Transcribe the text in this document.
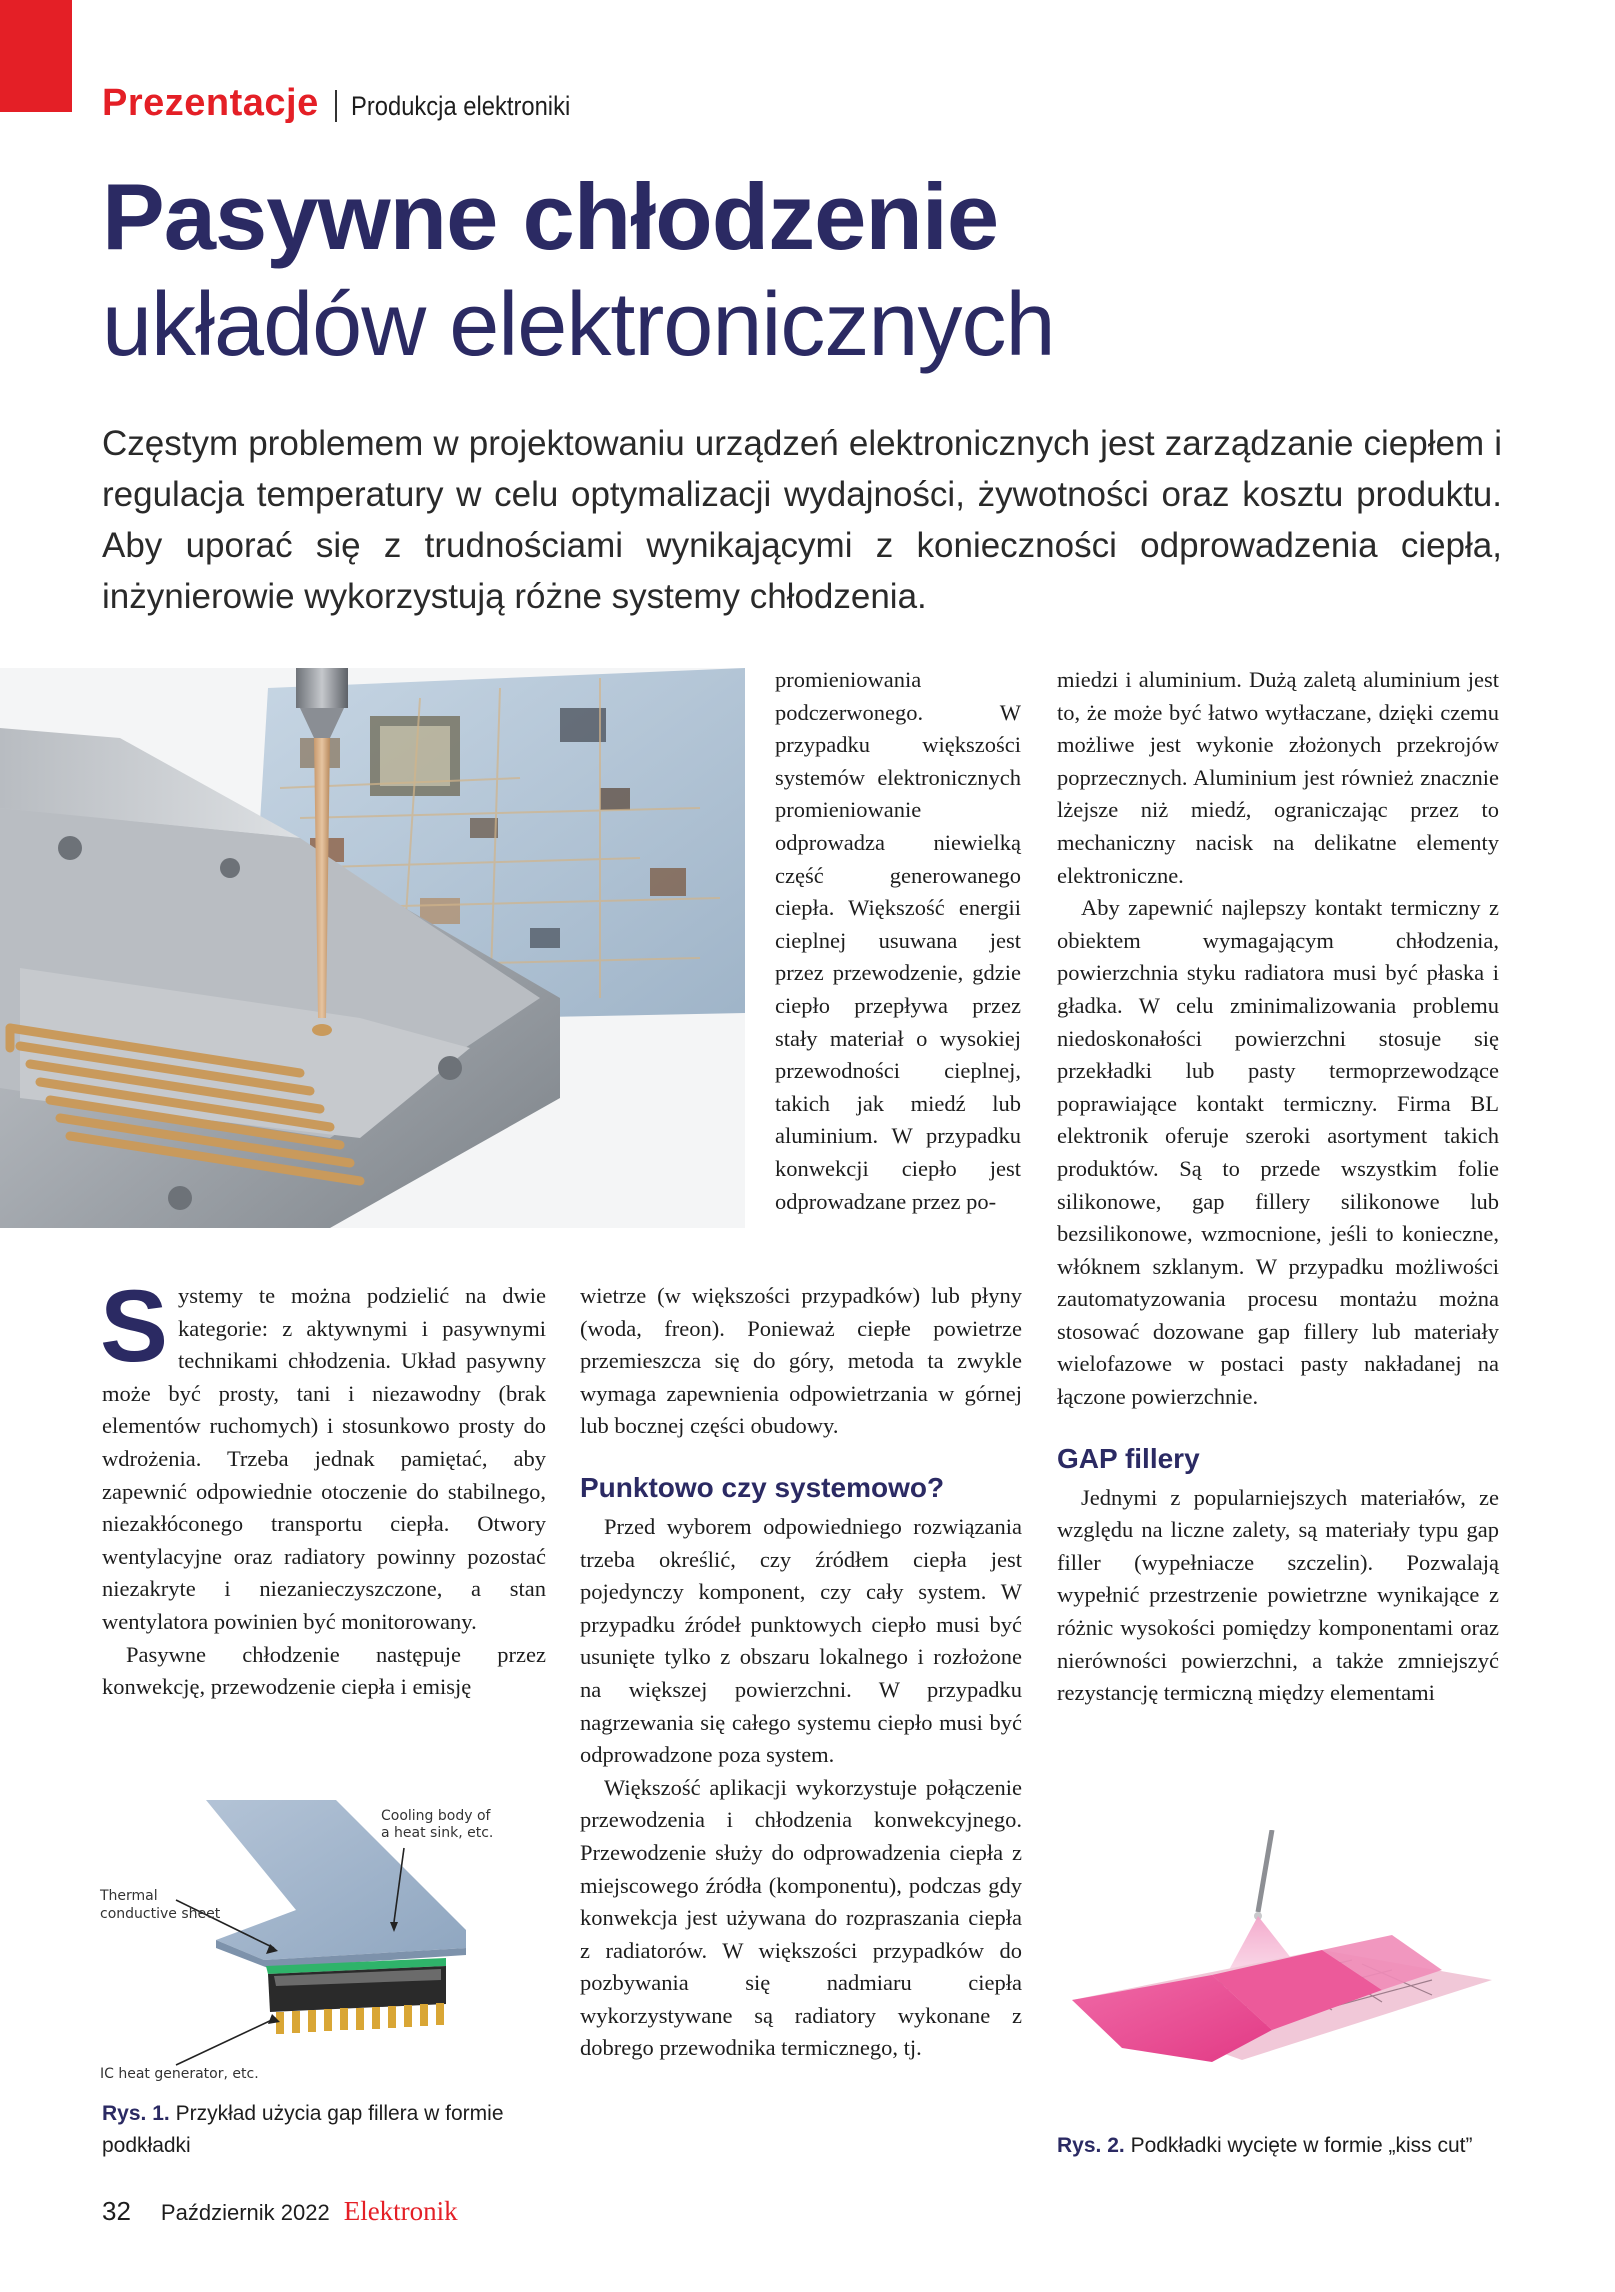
Prezentacje Produkcja elektroniki
Pasywne chłodzenie
układów elektronicznych

Częstym problemem w projektowaniu urządzeń elektronicznych jest zarządzanie ciepłem i regulacja temperatury w celu optymalizacji wydajności, żywotności oraz kosztu produktu. Aby uporać się z trudnościami wynikającymi z konieczności odprowadzenia ciepła, inżynierowie wykorzystują różne systemy chłodzenia.

promieniowania podczerwonego. W przypadku większości systemów elektronicznych promieniowanie odprowadza niewielką część generowanego ciepła. Większość energii cieplnej usuwana jest przez przewodzenie, gdzie ciepło przepływa przez stały materiał o wysokiej przewodności cieplnej, takich jak miedź lub aluminium. W przypadku konwekcji ciepło jest odprowadzane przez po-

Systemy te można podzielić na dwie kategorie: z aktywnymi i pasywnymi technikami chłodzenia. Układ pasywny może być prosty, tani i niezawodny (brak elementów ruchomych) i stosunkowo prosty do wdrożenia. Trzeba jednak pamiętać, aby zapewnić odpowiednie otoczenie do stabilnego, niezakłóconego transportu ciepła. Otwory wentylacyjne oraz radiatory powinny pozostać niezakryte i niezanieczyszczone, a stan wentylatora powinien być monitorowany.

Pasywne chłodzenie następuje przez konwekcję, przewodzenie ciepła i emisję

wietrze (w większości przypadków) lub płyny (woda, freon). Ponieważ ciepłe powietrze przemieszcza się do góry, metoda ta zwykle wymaga zapewnienia odpowietrzania w górnej lub bocznej części obudowy.

Punktowo czy systemowo?

Przed wyborem odpowiedniego rozwiązania trzeba określić, czy źródłem ciepła jest pojedynczy komponent, czy cały system. W przypadku źródeł punktowych ciepło musi być usunięte tylko z obszaru lokalnego i rozłożone na większej powierzchni. W przypadku nagrzewania się całego systemu ciepło musi być odprowadzone poza system.

Większość aplikacji wykorzystuje połączenie przewodzenia i chłodzenia konwekcyjnego. Przewodzenie służy do odprowadzenia ciepła z miejscowego źródła (komponentu), podczas gdy konwekcja jest używana do rozpraszania ciepła z radiatorów. W większości przypadków do pozbywania się nadmiaru ciepła wykorzystywane są radiatory wykonane z dobrego przewodnika termicznego, tj.

miedzi i aluminium. Dużą zaletą aluminium jest to, że może być łatwo wytłaczane, dzięki czemu możliwe jest wykonie złożonych przekrojów poprzecznych. Aluminium jest również znacznie lżejsze niż miedź, ograniczając przez to mechaniczny nacisk na delikatne elementy elektroniczne.

Aby zapewnić najlepszy kontakt termiczny z obiektem wymagającym chłodzenia, powierzchnia styku radiatora musi być płaska i gładka. W celu zminimalizowania problemu niedoskonałości powierzchni stosuje się przekładki lub pasty termoprzewodzące poprawiające kontakt termiczny. Firma BL elektronik oferuje szeroki asortyment takich produktów. Są to przede wszystkim folie silikonowe, gap fillery silikonowe lub bezsilikonowe, wzmocnione, jeśli to konieczne, włóknem szklanym. W przypadku możliwości zautomatyzowania procesu montażu można stosować dozowane gap fillery lub materiały wielofazowe w postaci pasty nakładanej na łączone powierzchnie.

GAP fillery

Jednymi z popularniejszych materiałów, ze względu na liczne zalety, są materiały typu gap filler (wypełniacze szczelin). Pozwalają wypełnić przestrzenie powietrzne wynikające z różnic wysokości pomiędzy komponentami oraz nierówności powierzchni, a także zmniejszyć rezystancję termiczną między elementami

Cooling body of
a heat sink, etc.
Thermal
conductive sheet
IC heat generator, etc.
Rys. 1. Przykład użycia gap fillera w formie podkładki	Rys. 2. Podkładki wycięte w formie „kiss cut”
32 Październik 2022 Elektronik
